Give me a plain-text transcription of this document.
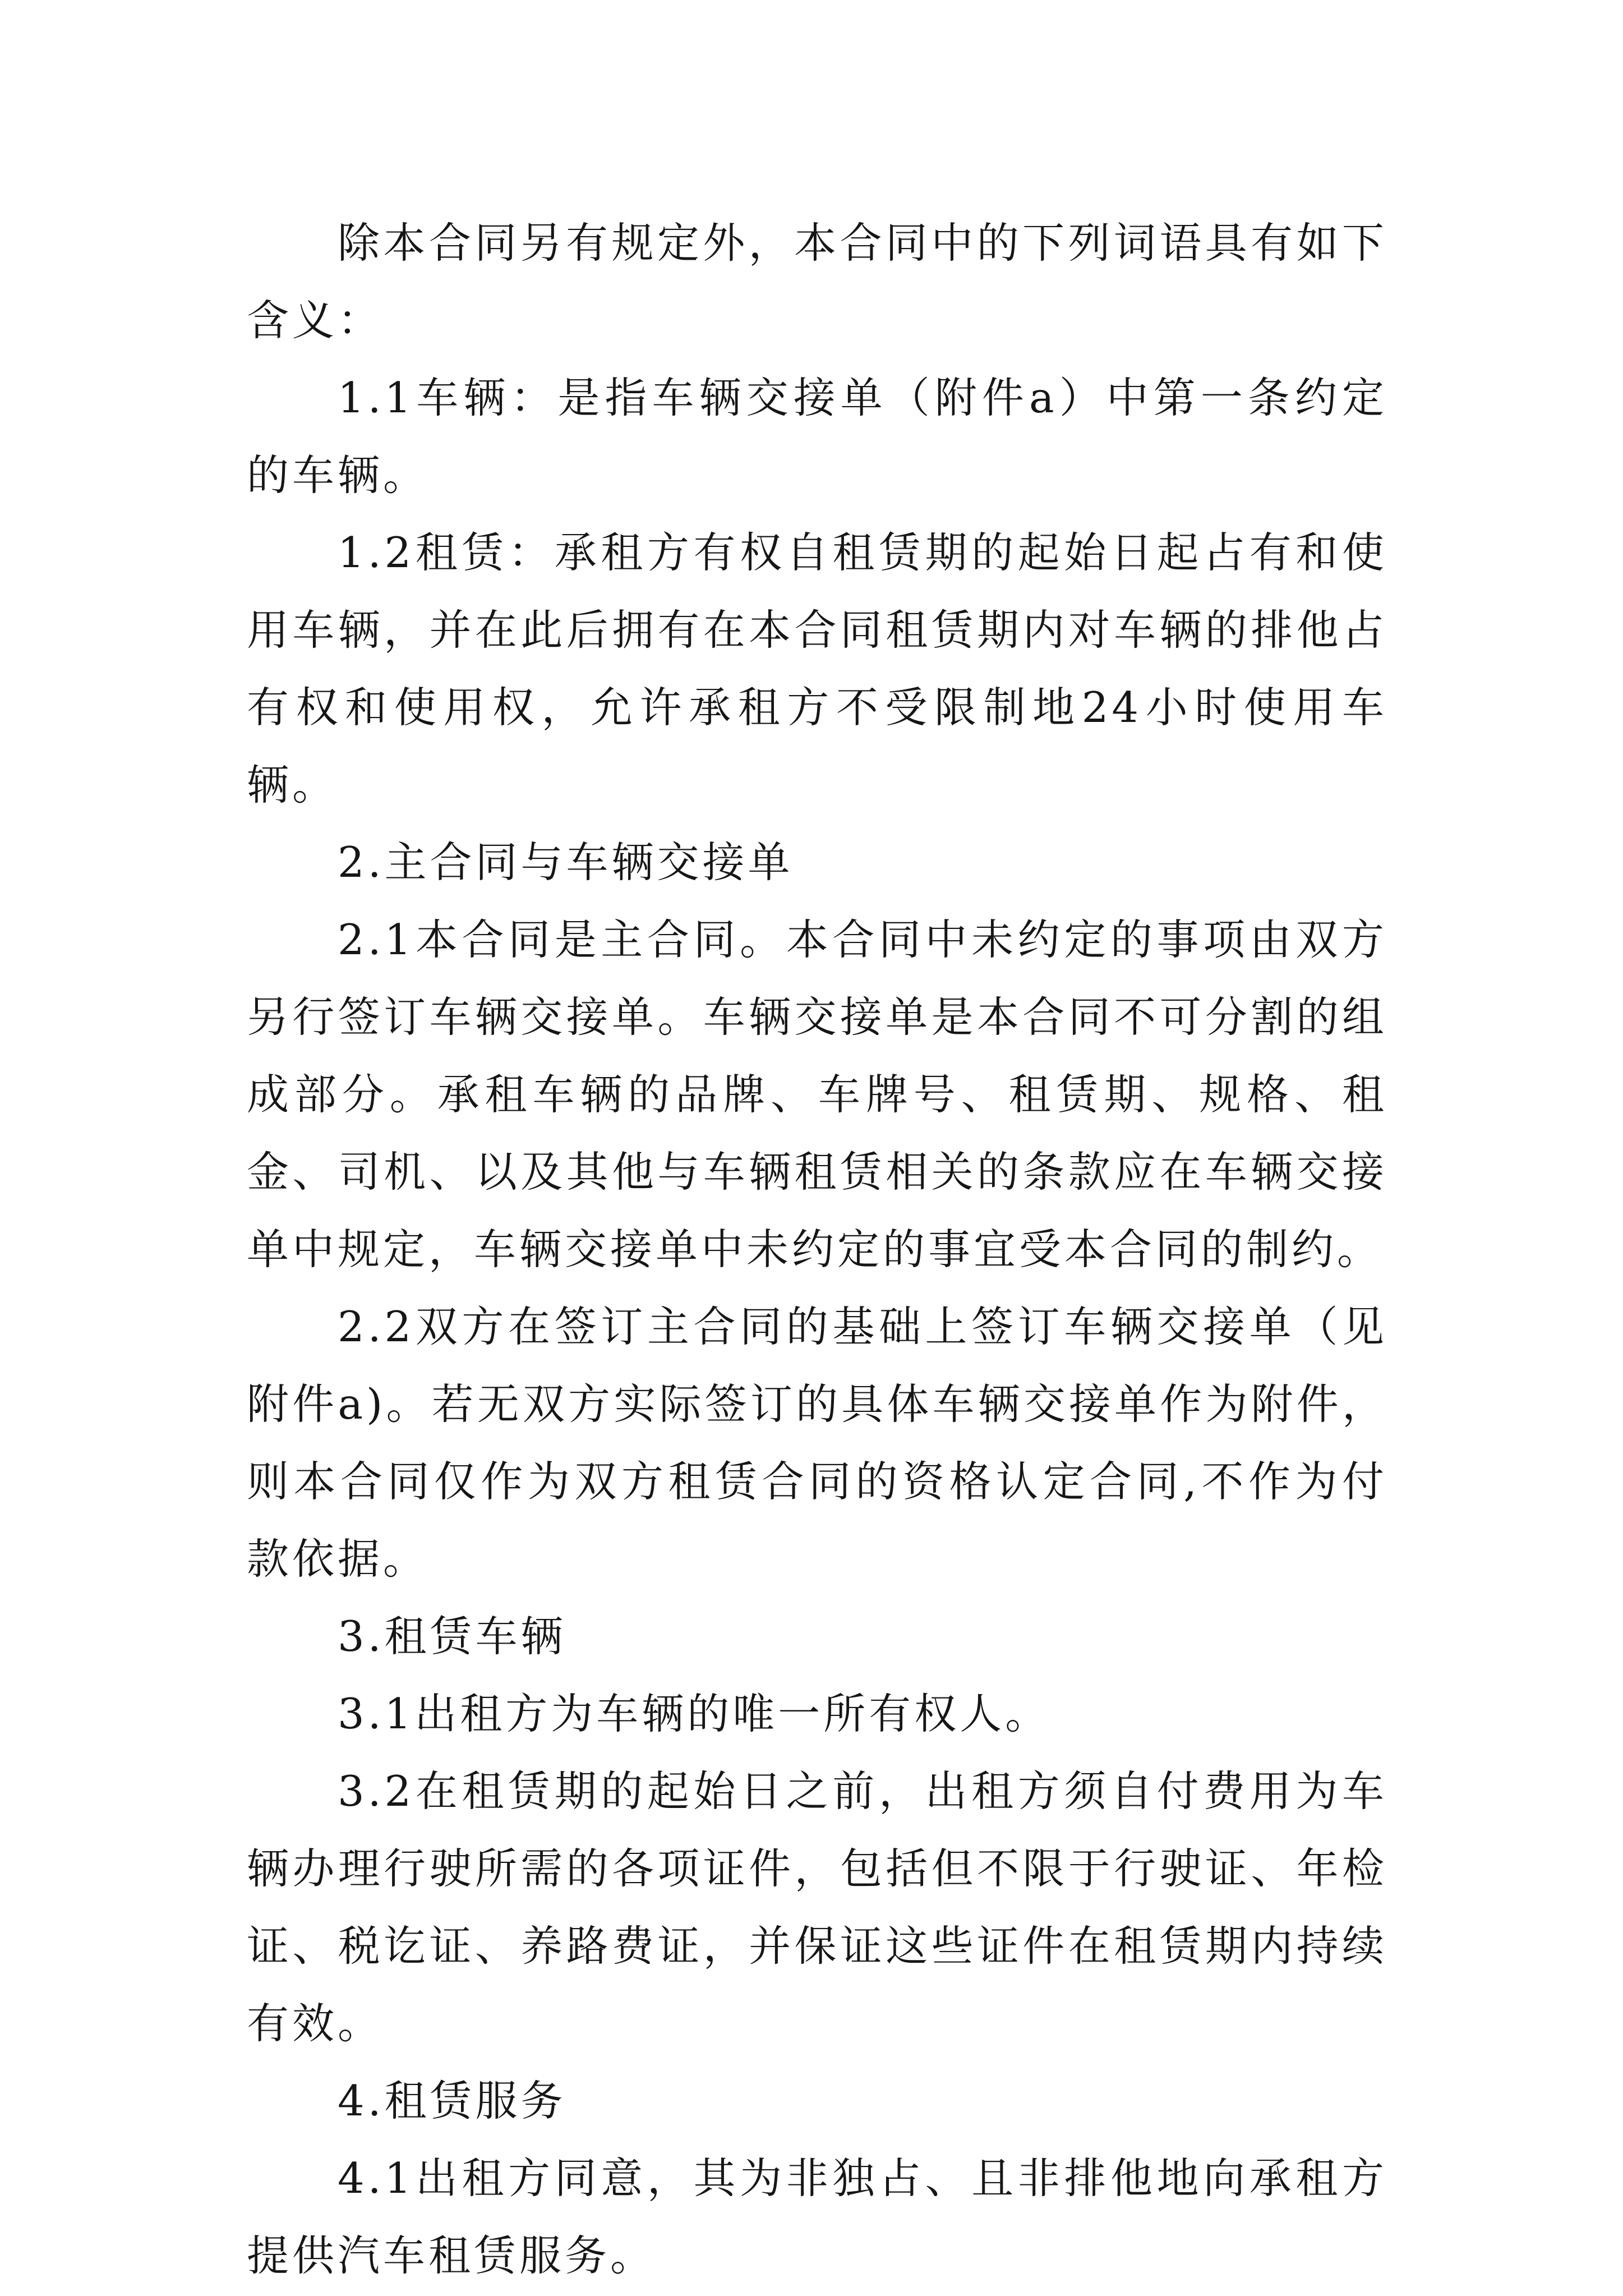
除本合同另有规定外，本合同中的下列词语具有如下含义：

1.1车辆：是指车辆交接单（附件a）中第一条约定的车辆。

1.2租赁：承租方有权自租赁期的起始日起占有和使用车辆，并在此后拥有在本合同租赁期内对车辆的排他占有权和使用权，允许承租方不受限制地24小时使用车辆。

2.主合同与车辆交接单

2.1本合同是主合同。本合同中未约定的事项由双方另行签订车辆交接单。车辆交接单是本合同不可分割的组成部分。承租车辆的品牌、车牌号、租赁期、规格、租金、司机、以及其他与车辆租赁相关的条款应在车辆交接单中规定，车辆交接单中未约定的事宜受本合同的制约。

2.2双方在签订主合同的基础上签订车辆交接单（见附件a)。若无双方实际签订的具体车辆交接单作为附件，则本合同仅作为双方租赁合同的资格认定合同,不作为付款依据。

3.租赁车辆

3.1出租方为车辆的唯一所有权人。

3.2在租赁期的起始日之前，出租方须自付费用为车辆办理行驶所需的各项证件，包括但不限于行驶证、年检证、税讫证、养路费证，并保证这些证件在租赁期内持续有效。

4.租赁服务

4.1出租方同意，其为非独占、且非排他地向承租方提供汽车租赁服务。
